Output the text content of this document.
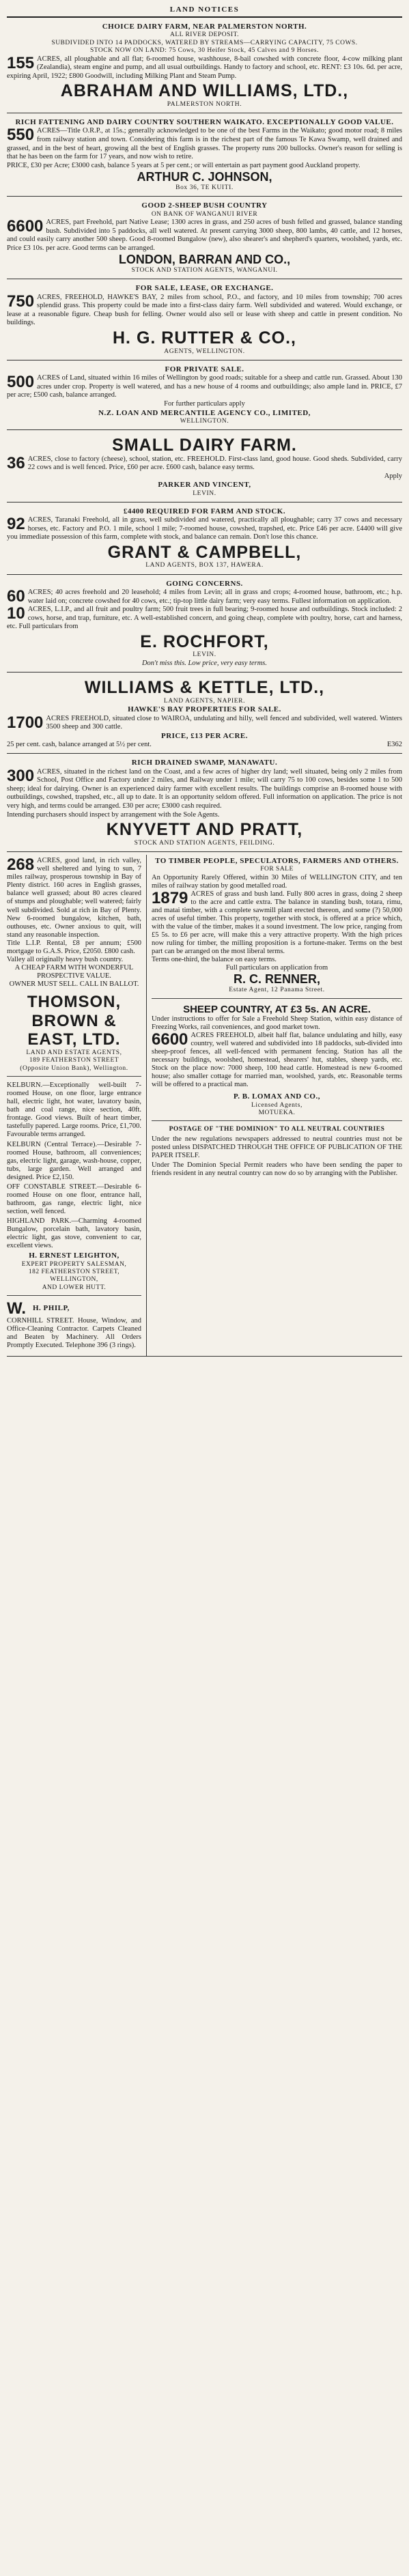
LAND NOTICES
CHOICE DAIRY FARM, NEAR PALMERSTON NORTH.
ALL RIVER DEPOSIT.
SUBDIVIDED INTO 14 PADDOCKS, WATERED BY STREAMS—CARRYING CAPACITY, 75 COWS.
STOCK NOW ON LAND: 75 Cows, 30 Heifer Stock, 45 Calves and 9 Horses.
155 ACRES, all ploughable and all flat; 6-roomed house, washhouse, 8-bail cowshed with concrete floor, 4-cow milking plant (Zealandia), steam engine and pump, and all usual outbuildings. Handy to factory and school, etc. RENT: £3 10s. 6d. per acre, expiring April, 1922; £800 Goodwill, including Milking Plant and Steam Pump.
ABRAHAM AND WILLIAMS, LTD.,
PALMERSTON NORTH.
RICH FATTENING AND DAIRY COUNTRY SOUTHERN WAIKATO. EXCEPTIONALLY GOOD VALUE.
550 ACRES—Title O.R.P., at 15s.; generally acknowledged to be one of the best Farms in the Waikato; good motor road; 8 miles from railway station and town. Considering this farm is in the richest part of the famous Te Kawa Swamp, well drained and grassed, and in the best of heart, growing all the best of English grasses. The property runs 200 bullocks. Owner's reason for selling is that he has been on the farm for 17 years, and now wish to retire.
PRICE, £30 per Acre; £3000 cash, balance 5 years at 5 per cent.; or will entertain as part payment good Auckland property.
ARTHUR C. JOHNSON,
Box 36, TE KUITI.
GOOD 2-SHEEP BUSH COUNTRY
ON BANK OF WANGANUI RIVER
6600 ACRES, part Freehold, part Native Lease; 1300 acres in grass, and 250 acres of bush felled and grassed, balance standing bush. Subdivided into 5 paddocks, all well watered. At present carrying 3000 sheep, 800 lambs, 40 cattle, and 12 horses, and could easily carry another 500 sheep. Good 8-roomed Bungalow (new), also shearer's and shepherd's quarters, woolshed, yards, etc. Price £3 10s. per acre. Good terms can be arranged.
LONDON, BARRAN AND CO.,
STOCK AND STATION AGENTS, WANGANUI.
FOR SALE, LEASE, OR EXCHANGE.
750 ACRES, FREEHOLD, HAWKE'S BAY, 2 miles from school, P.O., and factory, and 10 miles from township; 700 acres splendid grass. This property could be made into a first-class dairy farm. Well subdivided and watered. Would exchange, or lease at a reasonable figure. Cheap bush for felling. Owner would also sell or lease with sheep and cattle in present condition. No buildings.
H. G. RUTTER & CO.,
AGENTS, WELLINGTON.
FOR PRIVATE SALE.
500 ACRES of Land, situated within 16 miles of Wellington by good roads; suitable for a sheep and cattle run. Grassed. About 130 acres under crop. Property is well watered, and has a new house of 4 rooms and outbuildings; also ample land in. PRICE, £7 per acre; £500 cash, balance arranged.
For further particulars apply
N.Z. LOAN AND MERCANTILE AGENCY CO., LIMITED,
WELLINGTON.
SMALL DAIRY FARM.
36 ACRES, close to factory (cheese), school, station, etc. FREEHOLD. First-class land, good house. Good sheds. Subdivided, carry 22 cows and is well fenced. Price, £60 per acre. £600 cash, balance easy terms.
Apply
PARKER AND VINCENT,
LEVIN.
£4400 REQUIRED FOR FARM AND STOCK.
92 ACRES, Taranaki Freehold, all in grass, well subdivided and watered, practically all ploughable; carry 37 cows and necessary horses, etc. Factory and P.O. 1 mile, school 1 mile; 7-roomed house, cowshed, trapshed, etc. Price £46 per acre. £4400 will give you immediate possession of this farm, complete with stock, and balance can remain. Don't lose this chance.
GRANT & CAMPBELL,
LAND AGENTS, BOX 137, HAWERA.
GOING CONCERNS.
60 ACRES; 40 acres freehold and 20 leasehold; 4 miles from Levin; all in grass and crops; 4-roomed house, bathroom, etc.; h.p. water laid on; concrete cowshed for 40 cows, etc.; tip-top little dairy farm; very easy terms. Fullest information on application.
10 ACRES, L.I.P., and all fruit and poultry farm; 500 fruit trees in full bearing; 9-roomed house and outbuildings. Stock included: 2 cows, horse, and trap, furniture, etc. A well-established concern, and going cheap, complete with poultry, horse, cart and harness, etc. Full particulars from
E. ROCHFORT,
LEVIN.
Don't miss this. Low price, very easy terms.
WILLIAMS & KETTLE, LTD.,
LAND AGENTS, NAPIER.
HAWKE'S BAY PROPERTIES FOR SALE.
1700 ACRES FREEHOLD, situated close to WAIROA, undulating and hilly, well fenced and subdivided, well watered. Winters 3500 sheep and 300 cattle.
PRICE, £13 PER ACRE.
25 per cent. cash, balance arranged at 5½ per cent.	E362
RICH DRAINED SWAMP, MANAWATU.
300 ACRES, situated in the richest land on the Coast, and a few acres of higher dry land; well situated, being only 2 miles from School, Post Office and Factory under 2 miles, and Railway under 1 mile; will carry 75 to 100 cows, besides some 1 to 500 sheep; ideal for dairying. Owner is an experienced dairy farmer with excellent results. The buildings comprise an 8-roomed house with outbuildings, cowshed, trapshed, etc., all up to date. It is an opportunity seldom offered. Full information on application. The price is not very high, and terms could be arranged. £30 per acre; £3000 cash required.
Intending purchasers should inspect by arrangement with the Sole Agents.
KNYVETT AND PRATT,
STOCK AND STATION AGENTS, FEILDING.
268 ACRES, good land, in rich valley, well sheltered and lying to sun, 7 miles railway, prosperous township in Bay of Plenty district. 160 acres in English grasses, balance well grassed; about 80 acres cleared of stumps and ploughable; well watered; fairly well subdivided. Sold at rich in Bay of Plenty. New 6-roomed bungalow, kitchen, bath, outhouses, etc. Owner anxious to quit, will stand any reasonable inspection.
Title L.I.P. Rental, £8 per annum; £500 mortgage to G.A.S. Price, £2050. £800 cash.
Valley all originally heavy bush country.
A CHEAP FARM WITH WONDERFUL PROSPECTIVE VALUE.
OWNER MUST SELL. CALL IN BALLOT.
THOMSON, BROWN & EAST, LTD.
LAND AND ESTATE AGENTS,
189 FEATHERSTON STREET
(Opposite Union Bank), Wellington.
KELBURN.—Exceptionally well-built 7-roomed House, on one floor, large entrance hall, electric light, hot water, lavatory basin, bath and coal range, nice section, 40ft. frontage. Good views. Built of heart timber, tastefully papered. Large rooms. Price, £1,700. Favourable terms arranged.
KELBURN (Central Terrace).—Desirable 7-roomed House, bathroom, all conveniences; gas, electric light, garage, wash-house, copper, tubs, large garden. Well arranged and designed. Price £2,150.
OFF CONSTABLE STREET.—Desirable 6-roomed House on one floor, entrance hall, bathroom, gas range, electric light, nice section, well fenced.
HIGHLAND PARK.—Charming 4-roomed Bungalow, porcelain bath, lavatory basin, electric light, gas stove, convenient to car, excellent views.
H. ERNEST LEIGHTON,
EXPERT PROPERTY SALESMAN,
182 FEATHERSTON STREET, WELLINGTON,
AND LOWER HUTT.
W. H. PHILP,
CORNHILL STREET. House, Window, and Office-Cleaning Contractor. Carpets Cleaned and Beaten by Machinery. All Orders Promptly Executed. Telephone 396 (3 rings).
TO TIMBER PEOPLE, SPECULATORS, FARMERS AND OTHERS.
FOR SALE
An Opportunity Rarely Offered, within 30 Miles of WELLINGTON CITY, and ten miles of railway station by good metalled road.
1879 ACRES of grass and bush land. Fully 800 acres in grass, doing 2 sheep to the acre and cattle extra. The balance in standing bush, totara, rimu, and matai timber, with a complete sawmill plant erected thereon, and some (?) 50,000 acres of useful timber. This property, together with stock, is offered at a price which, with the value of the timber, makes it a sound investment. The low price, ranging from £5 5s. to £6 per acre, will make this a very attractive property. With the high prices now ruling for timber, the milling proposition is a fortune-maker. Terms on the best part can be arranged on the most liberal terms.
Terms one-third, the balance on easy terms.
Full particulars on application from
R. C. RENNER,
Estate Agent, 12 Panama Street.
SHEEP COUNTRY, AT £3 5s. AN ACRE.
Under instructions to offer for Sale a Freehold Sheep Station, within easy distance of Freezing Works, rail conveniences, and good market town.
6600 ACRES FREEHOLD, albeit half flat, balance undulating and hilly, easy country, well watered and subdivided into 18 paddocks, sub-divided into sheep-proof fences, all well-fenced with permanent fencing. Station has all the necessary buildings, woolshed, homestead, shearers' hut, stables, sheep yards, etc. Stock on the place now: 7000 sheep, 100 head cattle. Homestead is new 6-roomed house; also smaller cottage for married man, woolshed, yards, etc. Reasonable terms will be offered to a practical man.
P. B. LOMAX AND CO.,
Licensed Agents,
MOTUEKA.
POSTAGE OF "THE DOMINION" TO ALL NEUTRAL COUNTRIES
Under the new regulations newspapers addressed to neutral countries must not be posted unless DISPATCHED THROUGH THE OFFICE OF PUBLICATION OF THE PAPER ITSELF.
Under The Dominion Special Permit readers who have been sending the paper to friends resident in any neutral country can now do so by arranging with the Publisher.
